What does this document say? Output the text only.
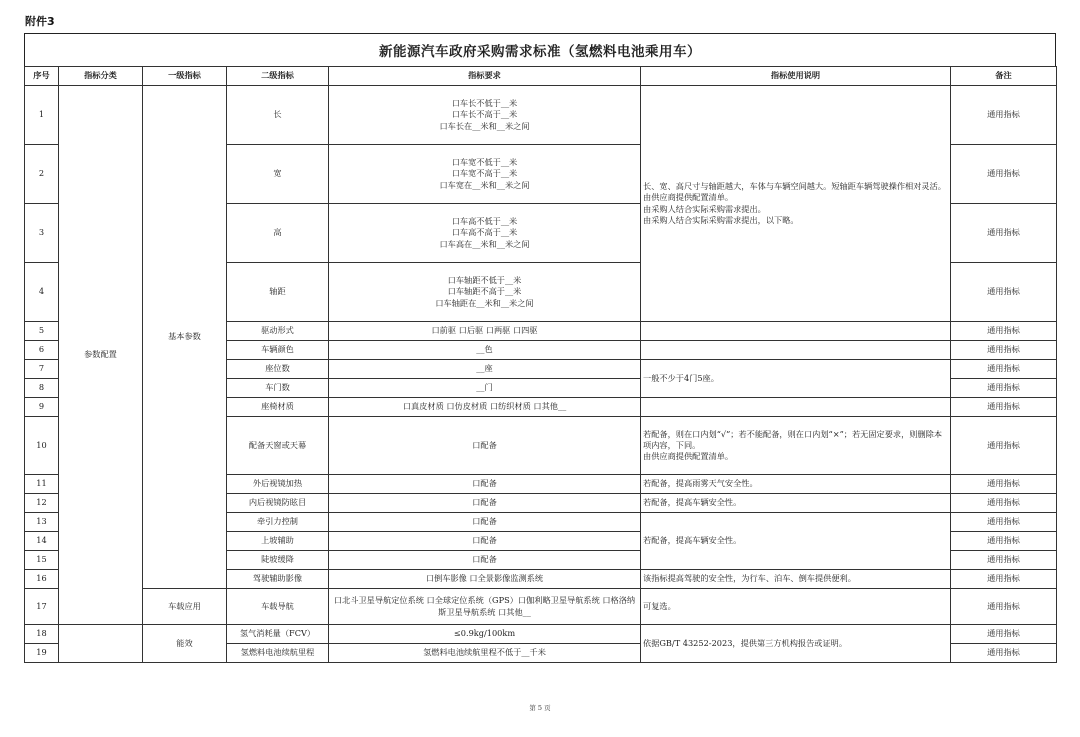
附件3
新能源汽车政府采购需求标准（氢燃料电池乘用车）
序号	指标分类	一级指标	二级指标	指标要求	指标使用说明	备注
1	参数配置	基本参数	长	口车长不低于__米
口车长不高于__米
口车长在__米和__米之间	长、宽、高尺寸与轴距越大，车体与车辆空间越大。短轴距车辆驾驶操作相对灵活。
由供应商提供配置清单。
由采购人结合实际采购需求提出。
由采购人结合实际采购需求提出，以下略。	通用指标
2			宽	口车宽不低于__米
口车宽不高于__米
口车宽在__米和__米之间		通用指标
3			高	口车高不低于__米
口车高不高于__米
口车高在__米和__米之间		通用指标
4			轴距	口车轴距不低于__米
口车轴距不高于__米
口车轴距在__米和__米之间		通用指标
5			驱动形式	口前驱 口后驱 口两驱 口四驱		通用指标
6			车辆颜色	__色		通用指标
7			座位数	__座	一般不少于4门5座。	通用指标
8			车门数	__门		通用指标
9			座椅材质	口真皮材质 口仿皮材质 口纺织材质 口其他__		通用指标
10			配备天窗或天幕	口配备	若配备，则在口内划“√”；若不能配备，则在口内划“×”；若无固定要求，则删除本项内容，下同。
由供应商提供配置清单。	通用指标
11			外后视镜加热	口配备	若配备，提高雨雾天气安全性。	通用指标
12			内后视镜防眩目	口配备	若配备，提高车辆安全性。	通用指标
13			牵引力控制	口配备	若配备，提高车辆安全性。	通用指标
14			上坡辅助	口配备		通用指标
15			陡坡缓降	口配备		通用指标
16			驾驶辅助影像	口倒车影像 口全景影像监测系统	该指标提高驾驶的安全性，为行车、泊车、倒车提供便利。	通用指标
17		车载应用	车载导航	口北斗卫星导航定位系统 口全球定位系统（GPS）口伽利略卫星导航系统 口格洛纳斯卫星导航系统 口其他__	可复选。	通用指标
18		能效	氢气消耗量（FCV）	≤0.9kg/100km	依据GB/T 43252-2023，提供第三方机构报告或证明。	通用指标
19			氢燃料电池续航里程	氢燃料电池续航里程不低于__千米		通用指标
第 5 页
